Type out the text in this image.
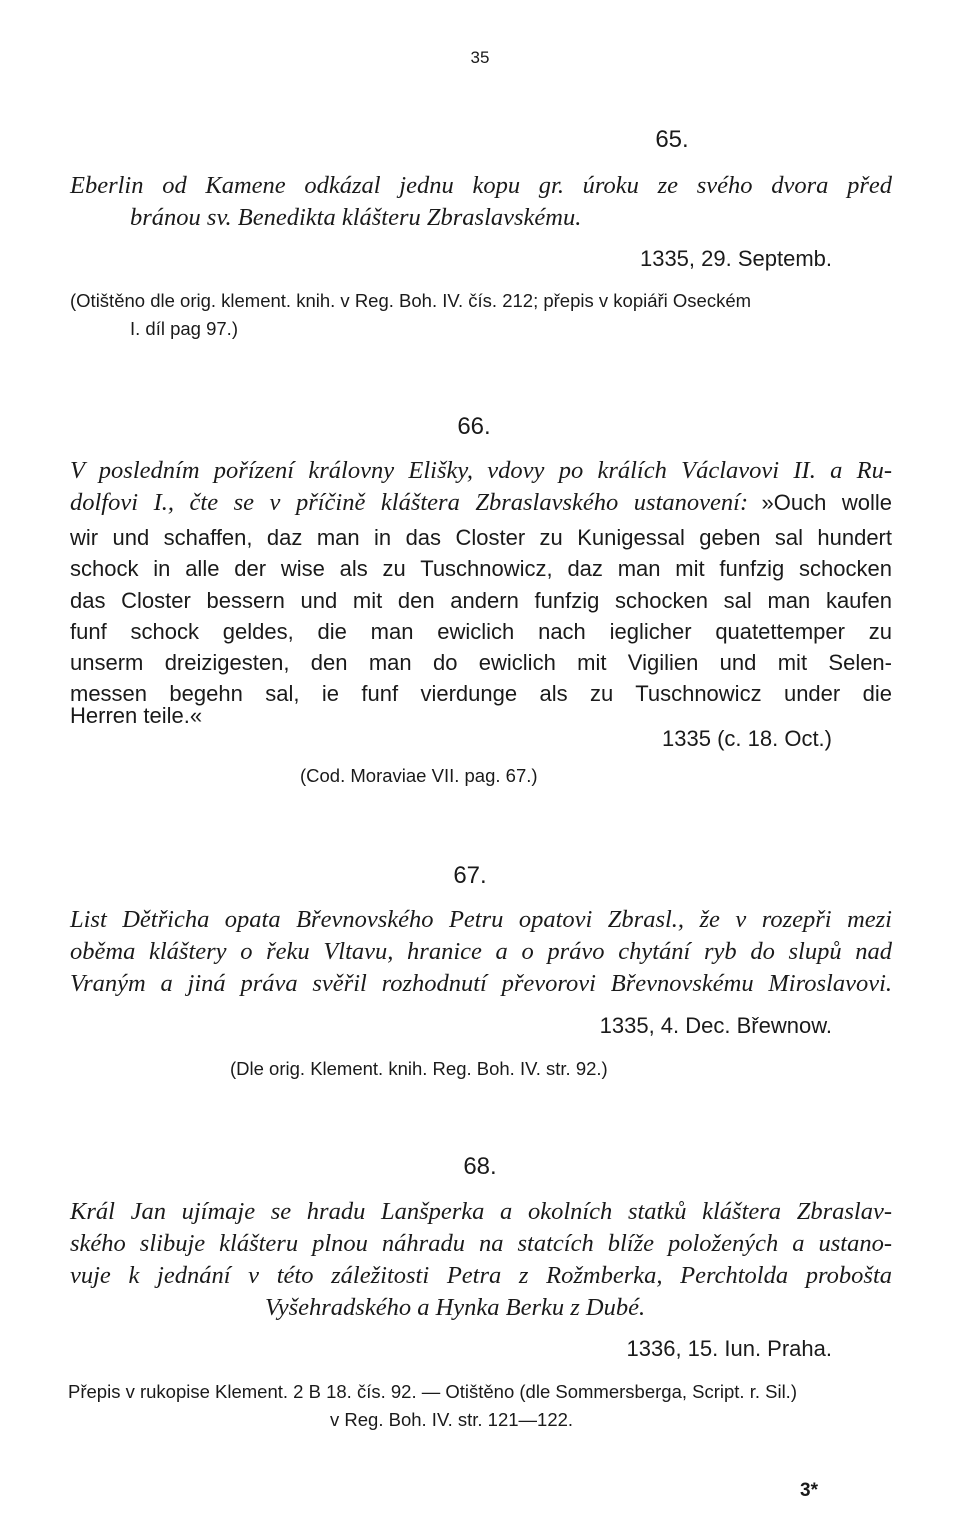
35
65.
Eberlin od Kamene odkázal jednu kopu gr. úroku ze svého dvora před
bránou sv. Benedikta klášteru Zbraslavskému.
1335, 29. Septemb.
(Otištěno dle orig. klement. knih. v Reg. Boh. IV. čís. 212; přepis v kopiáři Oseckém
I. díl pag 97.)
66.
V posledním pořízení královny Elišky, vdovy po králích Václavovi II. a Ru-
dolfovi I., čte se v příčině kláštera Zbraslavského ustanovení: »Ouch wolle
wir und schaffen, daz man in das Closter zu Kunigessal geben sal hundert
schock in alle der wise als zu Tuschnowicz, daz man mit funfzig schocken
das Closter bessern und mit den andern funfzig schocken sal man kaufen
funf schock geldes, die man ewiclich nach iеglicher quatettemper zu
unserm dreizigesten, den man do ewiclich mit Vigilien und mit Selen-
messen begehn sal, ie funf vierdunge als zu Tuschnowicz under die
Herren teile.«
1335 (c. 18. Oct.)
(Cod. Moraviae VII. pag. 67.)
67.
List Dětřicha opata Břevnovského Petru opatovi Zbrasl., že v rozepři mezi
oběma kláštery o řeku Vltavu, hranice a o právo chytání ryb do slupů nad
Vraným a jiná práva svěřil rozhodnutí převorovi Břevnovskému Miroslavovi.
1335, 4. Dec. Břewnow.
(Dle orig. Klement. knih. Reg. Boh. IV. str. 92.)
68.
Král Jan ujímaje se hradu Lanšperka a okolních statků kláštera Zbraslav-
ského slibuje klášteru plnou náhradu na statcích blíže položených a ustano-
vuje k jednání v této záležitosti Petra z Rožmberka, Perchtolda probošta
Vyšehradského a Hynka Berku z Dubé.
1336, 15. Iun. Praha.
Přepis v rukopise Klement. 2 B 18. čís. 92. — Otištěno (dle Sommersberga, Script. r. Sil.)
v Reg. Boh. IV. str. 121—122.
3*
